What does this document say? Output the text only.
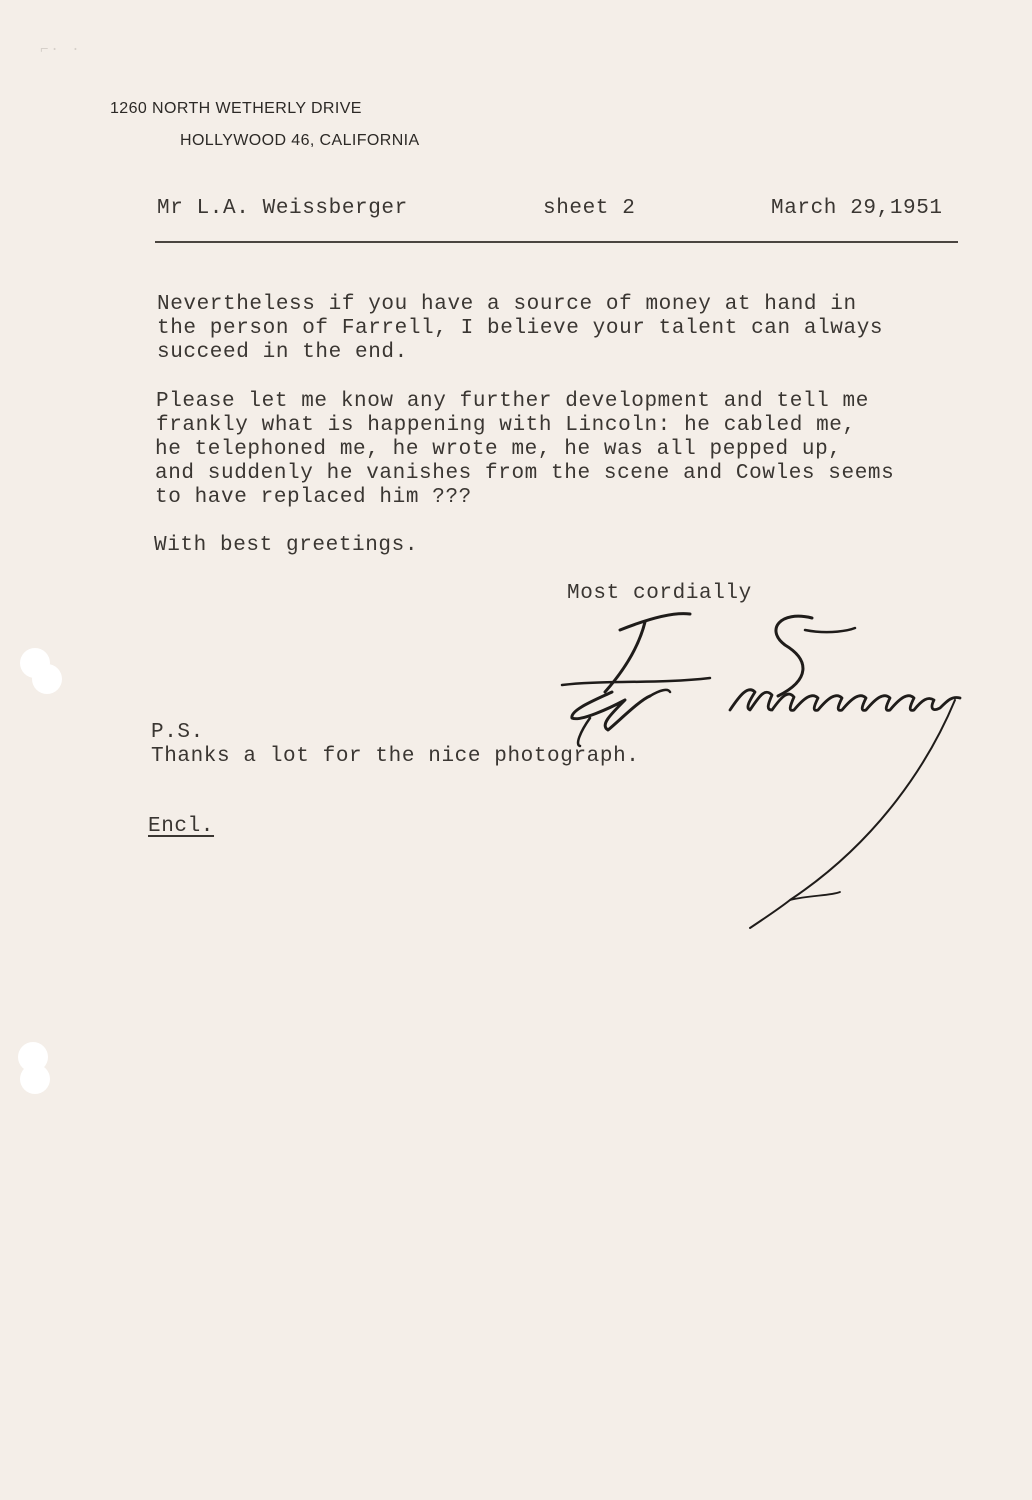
⌐· ·
1260 NORTH WETHERLY DRIVE
HOLLYWOOD 46, CALIFORNIA
Mr L.A. Weissberger	sheet 2	March 29,1951
Nevertheless if you have a source of money at hand in
the person of Farrell, I believe your talent can always
succeed in the end.
Please let me know any further development and tell me
frankly what is happening with Lincoln: he cabled me,
he telephoned me, he wrote me, he was all pepped up,
and suddenly he vanishes from the scene and Cowles seems
to have replaced him ???
With best greetings.
Most cordially
P.S.
Thanks a lot for the nice photograph.
Encl.
